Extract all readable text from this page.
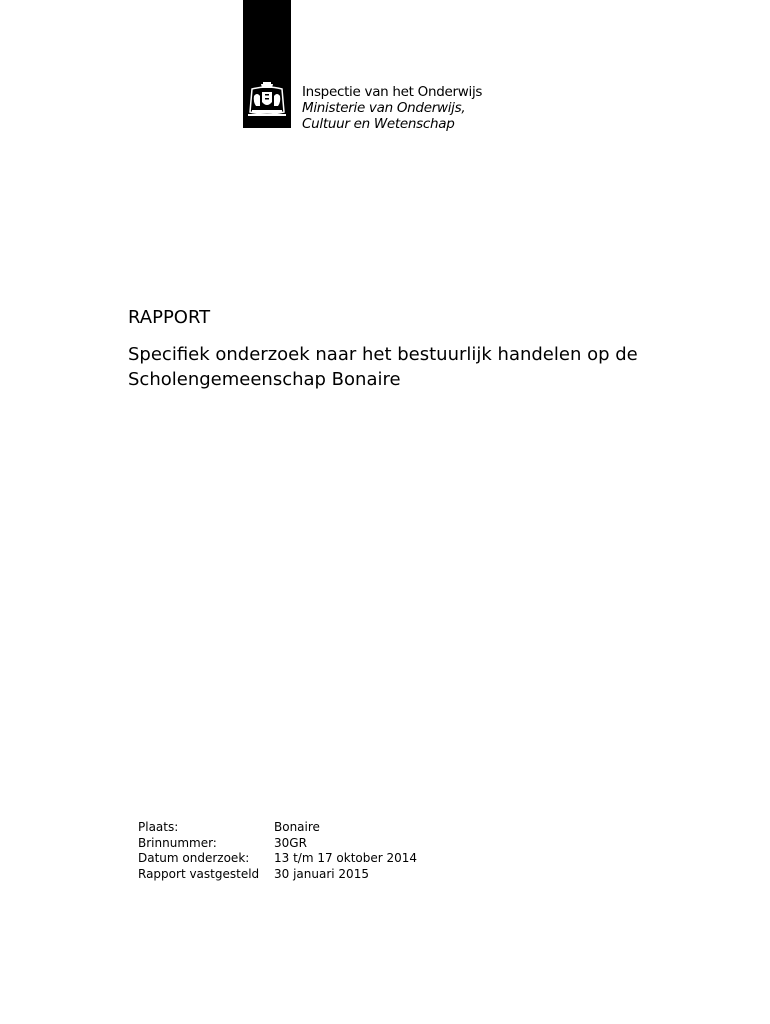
Inspectie van het Onderwijs
Ministerie van Onderwijs, Cultuur en Wetenschap
RAPPORT
Specifiek onderzoek naar het bestuurlijk handelen op de Scholengemeenschap Bonaire
Plaats:	Bonaire
Brinnummer:	30GR
Datum onderzoek:	13 t/m 17 oktober 2014
Rapport vastgesteld	30 januari 2015
